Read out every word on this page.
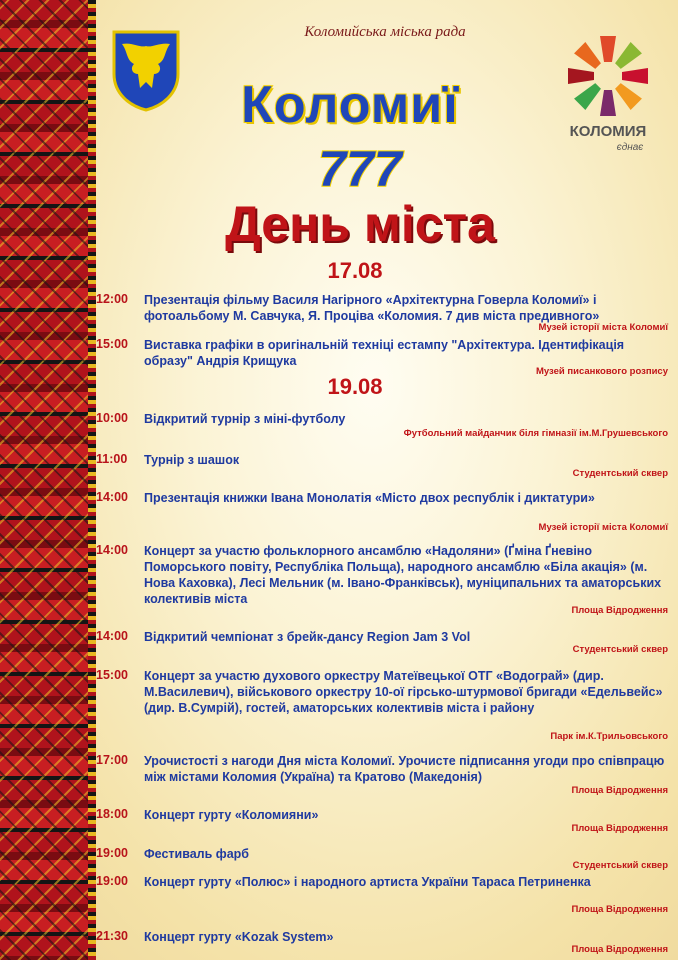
КОЛОМИЯ
єднає
Коломийська міська рада
Коломиї
777
День міста
17.08
12:00	Презентація фільму Василя Нагірного «Архітектурна Говерла Коломиї» і фотоальбому М. Савчука, Я. Проціва «Коломия. 7 див міста предивного»
Музей історії міста Коломиї
15:00	Виставка графіки в оригінальній техніці естампу "Архітектура. Ідентифікація образу" Андрія Крищука
Музей писанкового розпису
19.08
10:00	Відкритий турнір з міні-футболу
Футбольний майданчик біля гімназії ім.М.Грушевського
11:00	Турнір з шашок
Студентський сквер
14:00	Презентація книжки Івана Монолатія «Місто двох республік і диктатури»
Музей історії міста Коломиї
14:00	Концерт за участю фольклорного ансамблю «Надоляни» (Ґміна Ґневіно Поморського повіту, Республіка Польща), народного ансамблю «Біла акація» (м. Нова Каховка), Лесі Мельник (м. Івано-Франківськ), муніципальних та аматорських колективів міста
Площа Відродження
14:00	Відкритий чемпіонат з брейк-дансу Region Jam 3 Vol
Студентський сквер
15:00	Концерт за участю духового оркестру Матеївецької ОТГ «Водограй» (дир. М.Василевич), військового оркестру 10-ої гірсько-штурмової бригади «Едельвейс» (дир. В.Сумрій), гостей, аматорських колективів міста і району
Парк ім.К.Трильовського
17:00	Урочистості з нагоди Дня міста Коломиї. Урочисте підписання угоди про співпрацю між містами Коломия (Україна) та Кратово (Македонія)
Площа Відродження
18:00	Концерт гурту «Коломияни»
Площа Відродження
19:00	Фестиваль фарб
Студентський сквер
19:00	Концерт гурту «Полюс» і народного артиста України Тараса Петриненка
Площа Відродження
21:30	Концерт гурту «Kozak System»
Площа Відродження
